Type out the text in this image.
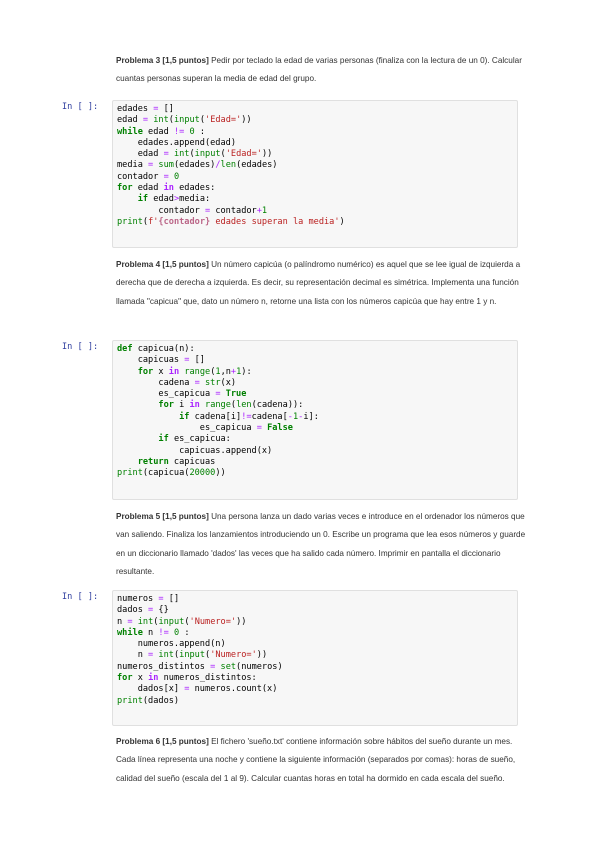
Problema 3 [1,5 puntos] Pedir por teclado la edad de varias personas (finaliza con la lectura de un 0). Calcular cuantas personas superan la media de edad del grupo.
In [ ]:	edades = []
edad = int(input('Edad='))
while edad != 0 :
edades.append(edad)
edad = int(input('Edad='))
media = sum(edades)/len(edades)
contador = 0
for edad in edades:
if edad>media:
contador = contador+1
print(f'{contador} edades superan la media')
Problema 4 [1,5 puntos] Un número capicúa (o palíndromo numérico) es aquel que se lee igual de izquierda a derecha que de derecha a izquierda. Es decir, su representación decimal es simétrica. Implementa una función llamada "capicua" que, dato un número n, retorne una lista con los números capicúa que hay entre 1 y n.
In [ ]:	def capicua(n):
capicuas = []
for x in range(1,n+1):
cadena = str(x)
es_capicua = True
for i in range(len(cadena)):
if cadena[i]!=cadena[-1-i]:
es_capicua = False
if es_capicua:
capicuas.append(x)
return capicuas
print(capicua(20000))
Problema 5 [1,5 puntos] Una persona lanza un dado varias veces e introduce en el ordenador los números que van saliendo. Finaliza los lanzamientos introduciendo un 0. Escribe un programa que lea esos números y guarde en un diccionario llamado 'dados' las veces que ha salido cada número. Imprimir en pantalla el diccionario resultante.
In [ ]:	numeros = []
dados = {}
n = int(input('Numero='))
while n != 0 :
numeros.append(n)
n = int(input('Numero='))
numeros_distintos = set(numeros)
for x in numeros_distintos:
dados[x] = numeros.count(x)
print(dados)
Problema 6 [1,5 puntos] El fichero 'sueño.txt' contiene información sobre hábitos del sueño durante un mes. Cada línea representa una noche y contiene la siguiente información (separados por comas): horas de sueño, calidad del sueño (escala del 1 al 9). Calcular cuantas horas en total ha dormido en cada escala del sueño.
